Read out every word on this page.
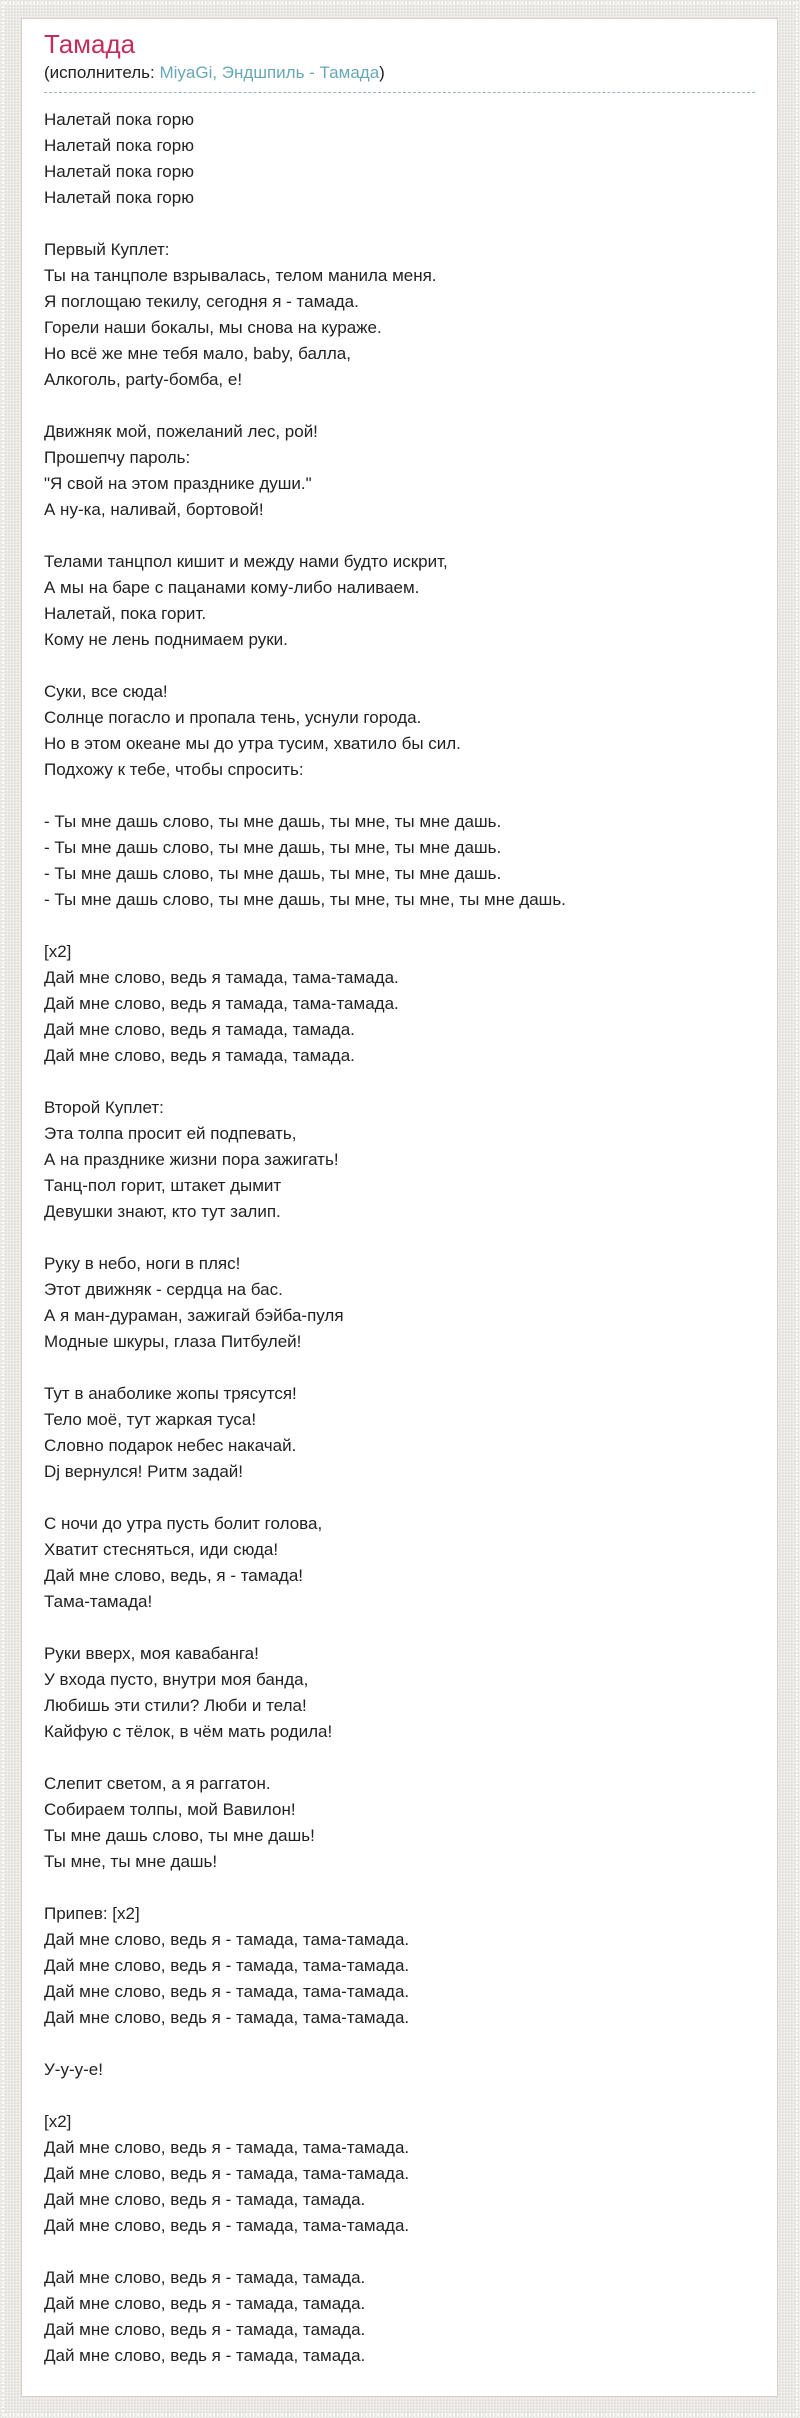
Тамада
(исполнитель: MiyaGi, Эндшпиль - Тамада)

Налетай пока горю
Налетай пока горю
Налетай пока горю
Налетай пока горю

Первый Куплет:
Ты на танцполе взрывалась, телом манила меня.
Я поглощаю текилу, сегодня я - тамада.
Горели наши бокалы, мы снова на кураже.
Но всё же мне тебя мало, baby, балла,
Алкоголь, party-бомба, е!

Движняк мой, пожеланий лес, рой!
Прошепчу пароль:
"Я свой на этом празднике души."
А ну-ка, наливай, бортовой!

Телами танцпол кишит и между нами будто искрит,
А мы на баре с пацанами кому-либо наливаем.
Налетай, пока горит.
Кому не лень поднимаем руки.

Суки, все сюда!
Солнце погасло и пропала тень, уснули города.
Но в этом океане мы до утра тусим, хватило бы сил.
Подхожу к тебе, чтобы спросить:

- Ты мне дашь слово, ты мне дашь, ты мне, ты мне дашь.
- Ты мне дашь слово, ты мне дашь, ты мне, ты мне дашь.
- Ты мне дашь слово, ты мне дашь, ты мне, ты мне дашь.
- Ты мне дашь слово, ты мне дашь, ты мне, ты мне, ты мне дашь.

[x2]
Дай мне слово, ведь я тамада, тама-тамада.
Дай мне слово, ведь я тамада, тама-тамада.
Дай мне слово, ведь я тамада, тамада.
Дай мне слово, ведь я тамада, тамада.

Второй Куплет:
Эта толпа просит ей подпевать,
А на празднике жизни пора зажигать!
Танц-пол горит, штакет дымит
Девушки знают, кто тут залип.

Руку в небо, ноги в пляс!
Этот движняк - сердца на бас.
А я ман-дураман, зажигай бэйба-пуля
Модные шкуры, глаза Питбулей!

Тут в анаболике жопы трясутся!
Тело моё, тут жаркая туса!
Словно подарок небес накачай.
Dj вернулся! Ритм задай!

С ночи до утра пусть болит голова,
Хватит стесняться, иди сюда!
Дай мне слово, ведь, я - тамада!
Тама-тамада!

Руки вверх, моя кавабанга!
У входа пусто, внутри моя банда,
Любишь эти стили? Люби и тела!
Кайфую с тёлок, в чём мать родила!

Слепит светом, а я раггатон.
Собираем толпы, мой Вавилон!
Ты мне дашь слово, ты мне дашь!
Ты мне, ты мне дашь!

Припев: [x2]
Дай мне слово, ведь я - тамада, тама-тамада.
Дай мне слово, ведь я - тамада, тама-тамада.
Дай мне слово, ведь я - тамада, тама-тамада.
Дай мне слово, ведь я - тамада, тама-тамада.

У-у-у-е!

[x2]
Дай мне слово, ведь я - тамада, тама-тамада.
Дай мне слово, ведь я - тамада, тама-тамада.
Дай мне слово, ведь я - тамада, тамада.
Дай мне слово, ведь я - тамада, тама-тамада.

Дай мне слово, ведь я - тамада, тамада.
Дай мне слово, ведь я - тамада, тамада.
Дай мне слово, ведь я - тамада, тамада.
Дай мне слово, ведь я - тамада, тамада.
